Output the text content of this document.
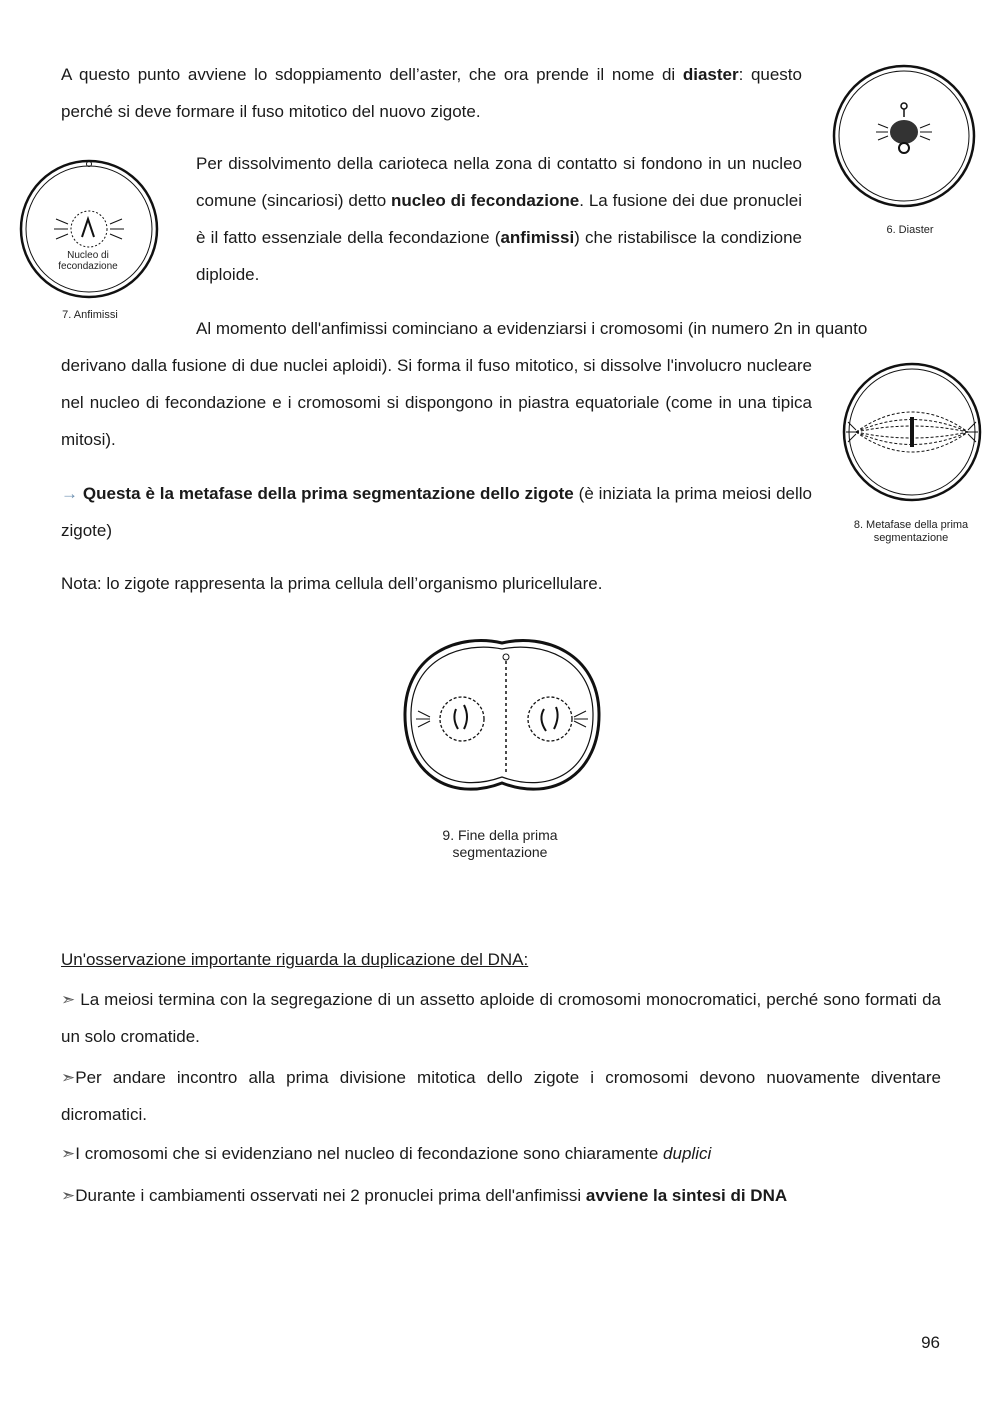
A questo punto avviene lo sdoppiamento dell’aster, che ora prende il nome di diaster: questo perché si deve formare il fuso mitotico del nuovo zigote.

6. Diaster
Nucleo di
fecondazione
7. Anfimissi

Per dissolvimento della carioteca nella zona di contatto si fondono in un nucleo comune (sincariosi) detto nucleo di fecondazione. La fusione dei due pronuclei è il fatto essenziale della fecondazione (anfimissi) che ristabilisce la condizione diploide.

Al momento dell'anfimissi cominciano a evidenziarsi i cromosomi (in numero 2n in quanto

derivano dalla fusione di due nuclei aploidi). Si forma il fuso mitotico, si dissolve l'involucro nucleare nel nucleo di fecondazione e i cromosomi si dispongono in piastra equatoriale (come in una tipica mitosi).

8. Metafase della prima
segmentazione

→ Questa è la metafase della prima segmentazione dello zigote (è iniziata la prima meiosi dello zigote)

Nota: lo zigote rappresenta la prima cellula dell’organismo pluricellulare.

9. Fine della prima
segmentazione

Un'osservazione importante riguarda la duplicazione del DNA:

➣ La meiosi termina con la segregazione di un assetto aploide di cromosomi monocromatici, perché sono formati da un solo cromatide.

➣Per andare incontro alla prima divisione mitotica dello zigote i cromosomi devono nuovamente diventare dicromatici.

➣I cromosomi che si evidenziano nel nucleo di fecondazione sono chiaramente duplici

➣Durante i cambiamenti osservati nei 2 pronuclei prima dell'anfimissi avviene la sintesi di DNA

96
